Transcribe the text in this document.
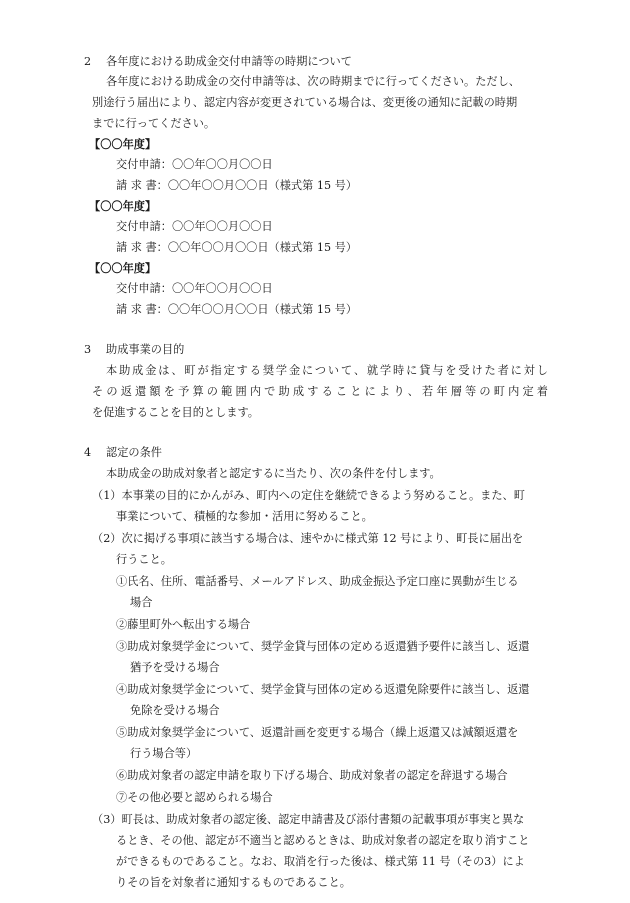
2 各年度における助成金交付申請等の時期について
各年度における助成金の交付申請等は、次の時期までに行ってください。ただし、
別途行う届出により、認定内容が変更されている場合は、変更後の通知に記載の時期
までに行ってください。
【〇〇年度】
交付申請：〇〇年〇〇月〇〇日
請 求 書：〇〇年〇〇月〇〇日（様式第 15 号）
【〇〇年度】
交付申請：〇〇年〇〇月〇〇日
請 求 書：〇〇年〇〇月〇〇日（様式第 15 号）
【〇〇年度】
交付申請：〇〇年〇〇月〇〇日
請 求 書：〇〇年〇〇月〇〇日（様式第 15 号）
3 助成事業の目的
本助成金は、町が指定する奨学金について、就学時に貸与を受けた者に対し
その返還額を予算の範囲内で助成することにより、若年層等の町内定着
を促進することを目的とします。
4 認定の条件
本助成金の助成対象者と認定するに当たり、次の条件を付します。
（1）本事業の目的にかんがみ、町内への定住を継続できるよう努めること。また、町
事業について、積極的な参加・活用に努めること。
（2）次に掲げる事項に該当する場合は、速やかに様式第 12 号により、町長に届出を
行うこと。
①氏名、住所、電話番号、メールアドレス、助成金振込予定口座に異動が生じる
場合
②藤里町外へ転出する場合
③助成対象奨学金について、奨学金貸与団体の定める返還猶予要件に該当し、返還
猶予を受ける場合
④助成対象奨学金について、奨学金貸与団体の定める返還免除要件に該当し、返還
免除を受ける場合
⑤助成対象奨学金について、返還計画を変更する場合（繰上返還又は減額返還を
行う場合等）
⑥助成対象者の認定申請を取り下げる場合、助成対象者の認定を辞退する場合
⑦その他必要と認められる場合
（3）町長は、助成対象者の認定後、認定申請書及び添付書類の記載事項が事実と異な
るとき、その他、認定が不適当と認めるときは、助成対象者の認定を取り消すこと
ができるものであること。なお、取消を行った後は、様式第 11 号（その3）によ
りその旨を対象者に通知するものであること。
